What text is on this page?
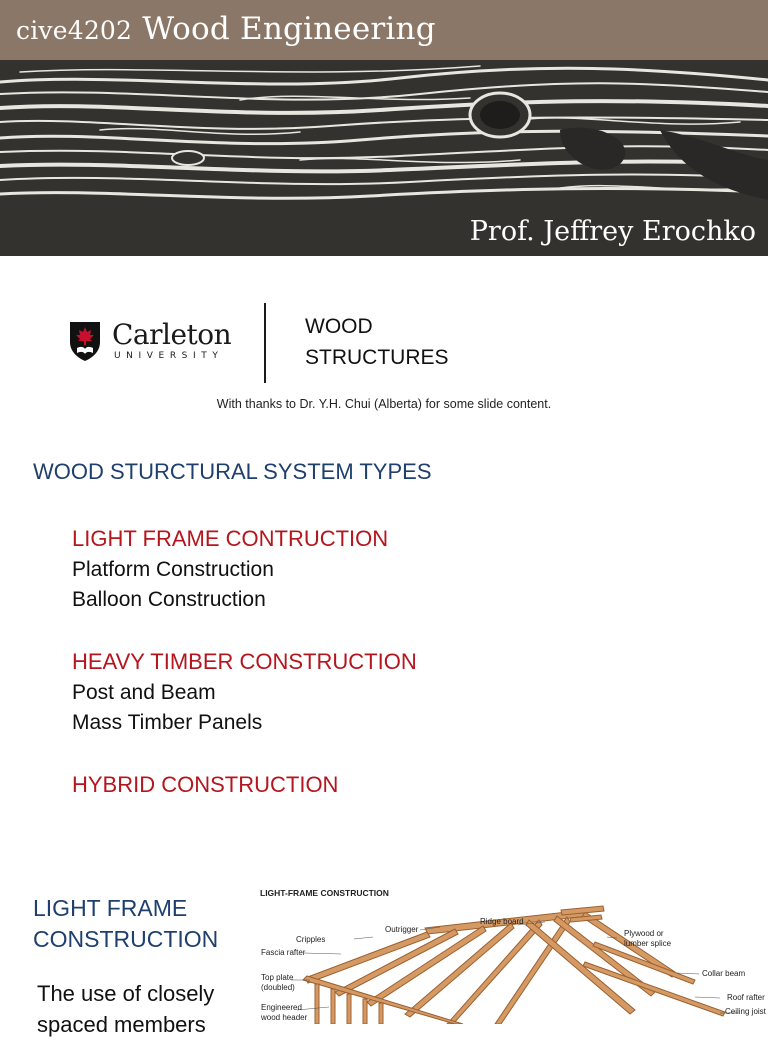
cive4202 Wood Engineering
Prof. Jeffrey Erochko
Carleton
UNIVERSITY
WOOD
STRUCTURES
With thanks to Dr. Y.H. Chui (Alberta) for some slide content.
WOOD STURCTURAL SYSTEM TYPES
LIGHT FRAME CONTRUCTION
Platform Construction
Balloon Construction
HEAVY TIMBER CONSTRUCTION
Post and Beam
Mass Timber Panels
HYBRID CONSTRUCTION
LIGHT FRAME
CONSTRUCTION
The use of closely
spaced members
LIGHT-FRAME CONSTRUCTION
Ridge board
Outrigger
Cripples
Plywood or
lumber splice
Fascia rafter
Collar beam
Top plate
(doubled)
Roof rafter
Engineered
wood header
Ceiling joist
